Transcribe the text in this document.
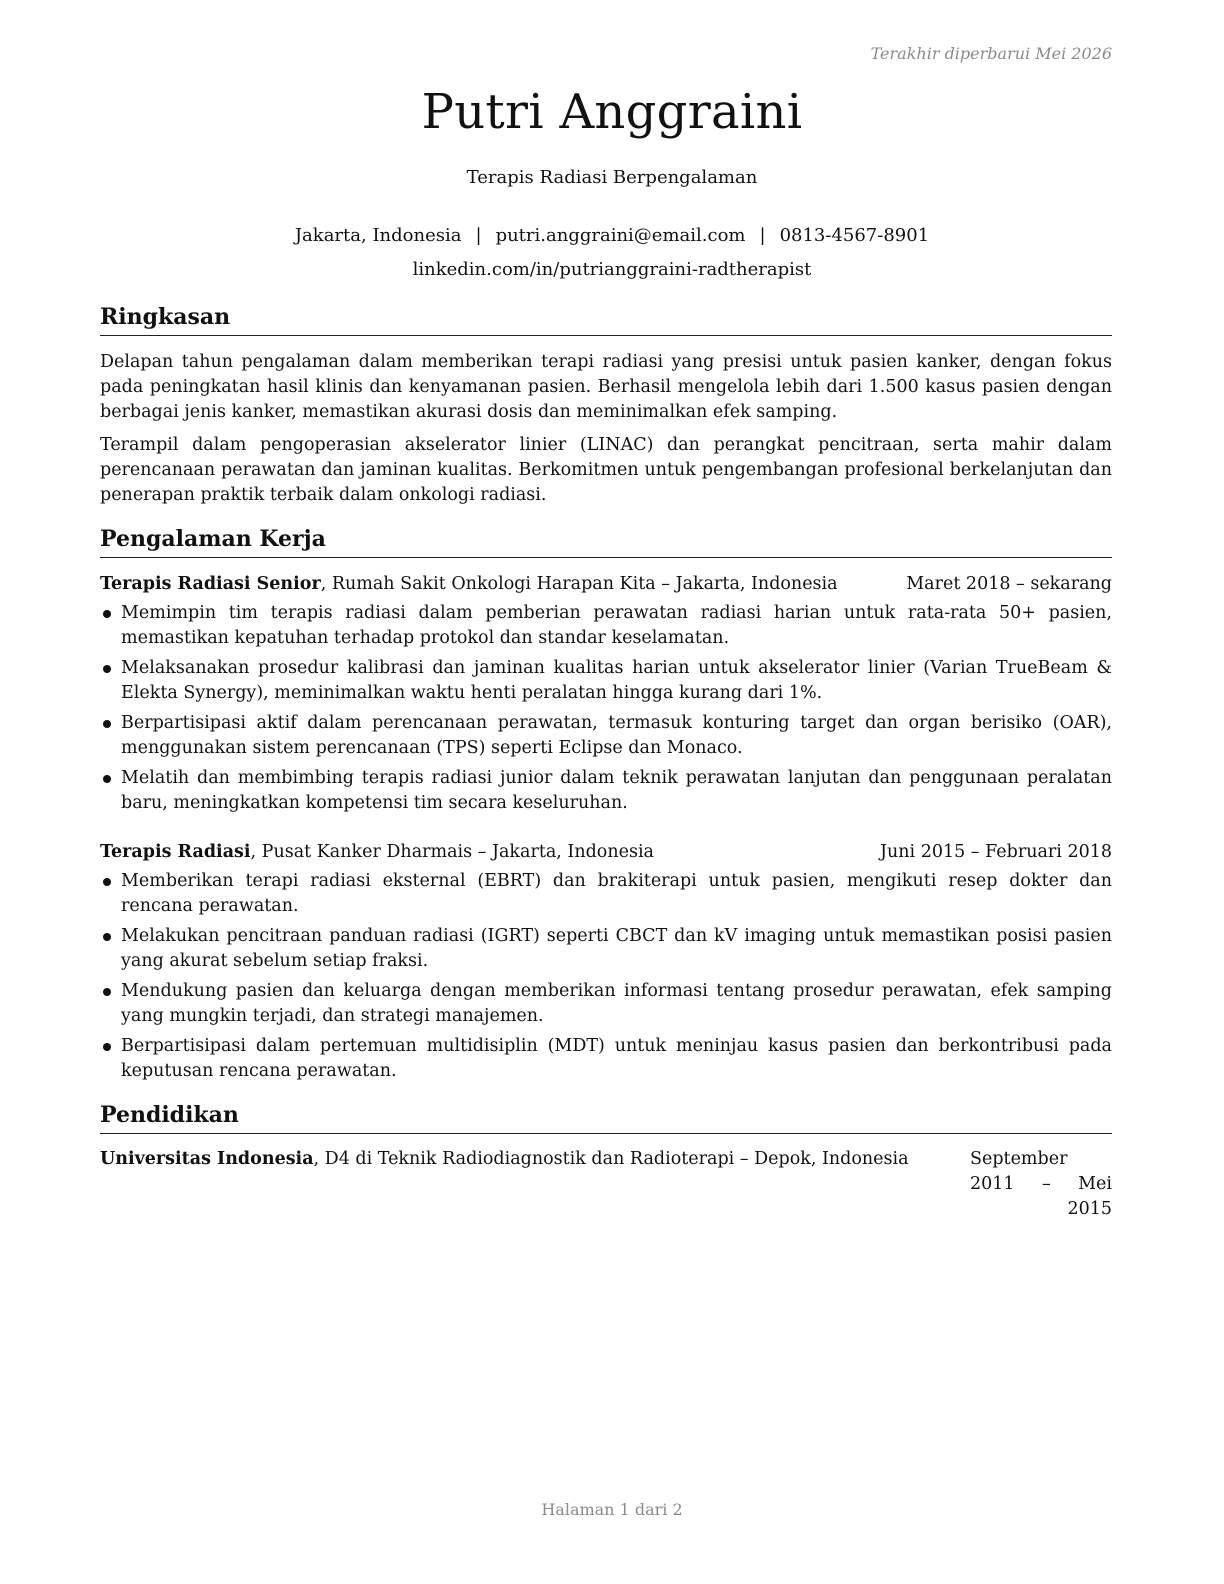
Terakhir diperbarui Mei 2026
Putri Anggraini
Terapis Radiasi Berpengalaman
Jakarta, Indonesia | putri.anggraini@email.com | 0813-4567-8901
linkedin.com/in/putrianggraini-radtherapist
Ringkasan

Delapan tahun pengalaman dalam memberikan terapi radiasi yang presisi untuk pasien kanker, dengan fokus pada peningkatan hasil klinis dan kenyamanan pasien. Berhasil mengelola lebih dari 1.500 kasus pasien dengan berbagai jenis kanker, memastikan akurasi dosis dan meminimalkan efek samping.

Terampil dalam pengoperasian akselerator linier (LINAC) dan perangkat pencitraan, serta mahir dalam perencanaan perawatan dan jaminan kualitas. Berkomitmen untuk pengembangan profesional berkelanjutan dan penerapan praktik terbaik dalam onkologi radiasi.

Pengalaman Kerja
Terapis Radiasi Senior, Rumah Sakit Onkologi Harapan Kita – Jakarta, Indonesia	Maret 2018 – sekarang
Memimpin tim terapis radiasi dalam pemberian perawatan radiasi harian untuk rata-rata 50+ pasien, memastikan kepatuhan terhadap protokol dan standar keselamatan.
Melaksanakan prosedur kalibrasi dan jaminan kualitas harian untuk akselerator linier (Varian TrueBeam & Elekta Synergy), meminimalkan waktu henti peralatan hingga kurang dari 1%.
Berpartisipasi aktif dalam perencanaan perawatan, termasuk konturing target dan organ berisiko (OAR), menggunakan sistem perencanaan (TPS) seperti Eclipse dan Monaco.
Melatih dan membimbing terapis radiasi junior dalam teknik perawatan lanjutan dan penggunaan peralatan baru, meningkatkan kompetensi tim secara keseluruhan.
Terapis Radiasi, Pusat Kanker Dharmais – Jakarta, Indonesia	Juni 2015 – Februari 2018
Memberikan terapi radiasi eksternal (EBRT) dan brakiterapi untuk pasien, mengikuti resep dokter dan rencana perawatan.
Melakukan pencitraan panduan radiasi (IGRT) seperti CBCT dan kV imaging untuk memastikan posisi pasien yang akurat sebelum setiap fraksi.
Mendukung pasien dan keluarga dengan memberikan informasi tentang prosedur perawatan, efek samping yang mungkin terjadi, dan strategi manajemen.
Berpartisipasi dalam pertemuan multidisiplin (MDT) untuk meninjau kasus pasien dan berkontribusi pada keputusan rencana perawatan.
Pendidikan
Universitas Indonesia, D4 di Teknik Radiodiagnostik dan Radioterapi – Depok, Indonesia	September 2011 – Mei 2015
Halaman 1 dari 2
